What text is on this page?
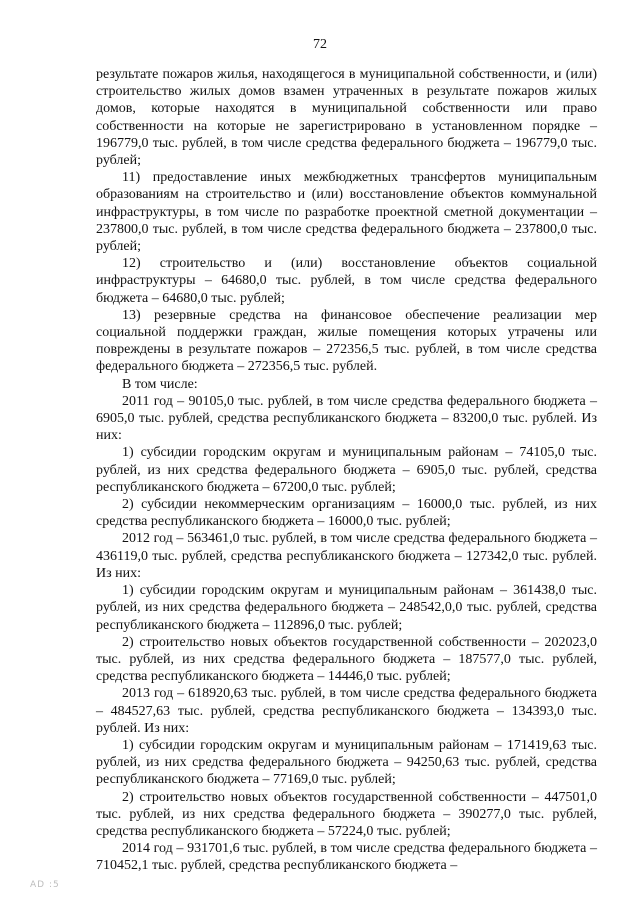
72

результате пожаров жилья, находящегося в муниципальной собственности, и (или) строительство жилых домов взамен утраченных в результате пожаров жилых домов, которые находятся в муниципальной собственности или право собственности на которые не зарегистрировано в установленном порядке – 196779,0 тыс. рублей, в том числе средства федерального бюджета – 196779,0 тыс. рублей;

11) предоставление иных межбюджетных трансфертов муниципальным образованиям на строительство и (или) восстановление объектов коммунальной инфраструктуры, в том числе по разработке проектной сметной документации – 237800,0 тыс. рублей, в том числе средства федерального бюджета – 237800,0 тыс. рублей;

12) строительство и (или) восстановление объектов социальной инфраструктуры – 64680,0 тыс. рублей, в том числе средства федерального бюджета – 64680,0 тыс. рублей;

13) резервные средства на финансовое обеспечение реализации мер социальной поддержки граждан, жилые помещения которых утрачены или повреждены в результате пожаров – 272356,5 тыс. рублей, в том числе средства федерального бюджета – 272356,5 тыс. рублей.

В том числе:

2011 год – 90105,0 тыс. рублей, в том числе средства федерального бюджета – 6905,0 тыс. рублей, средства республиканского бюджета – 83200,0 тыс. рублей. Из них:

1) субсидии городским округам и муниципальным районам – 74105,0 тыс. рублей, из них средства федерального бюджета – 6905,0 тыс. рублей, средства республиканского бюджета – 67200,0 тыс. рублей;

2) субсидии некоммерческим организациям – 16000,0 тыс. рублей, из них средства республиканского бюджета – 16000,0 тыс. рублей;

2012 год – 563461,0 тыс. рублей, в том числе средства федерального бюджета – 436119,0 тыс. рублей, средства республиканского бюджета – 127342,0 тыс. рублей. Из них:

1) субсидии городским округам и муниципальным районам – 361438,0 тыс. рублей, из них средства федерального бюджета – 248542,0,0 тыс. рублей, средства республиканского бюджета – 112896,0 тыс. рублей;

2) строительство новых объектов государственной собственности – 202023,0 тыс. рублей, из них средства федерального бюджета – 187577,0 тыс. рублей, средства республиканского бюджета – 14446,0 тыс. рублей;

2013 год – 618920,63 тыс. рублей, в том числе средства федерального бюджета – 484527,63 тыс. рублей, средства республиканского бюджета – 134393,0 тыс. рублей. Из них:

1) субсидии городским округам и муниципальным районам – 171419,63 тыс. рублей, из них средства федерального бюджета – 94250,63 тыс. рублей, средства республиканского бюджета – 77169,0 тыс. рублей;

2) строительство новых объектов государственной собственности – 447501,0 тыс. рублей, из них средства федерального бюджета – 390277,0 тыс. рублей, средства республиканского бюджета – 57224,0 тыс. рублей;

2014 год – 931701,6 тыс. рублей, в том числе средства федерального бюджета – 710452,1 тыс. рублей, средства республиканского бюджета –

AD :5
